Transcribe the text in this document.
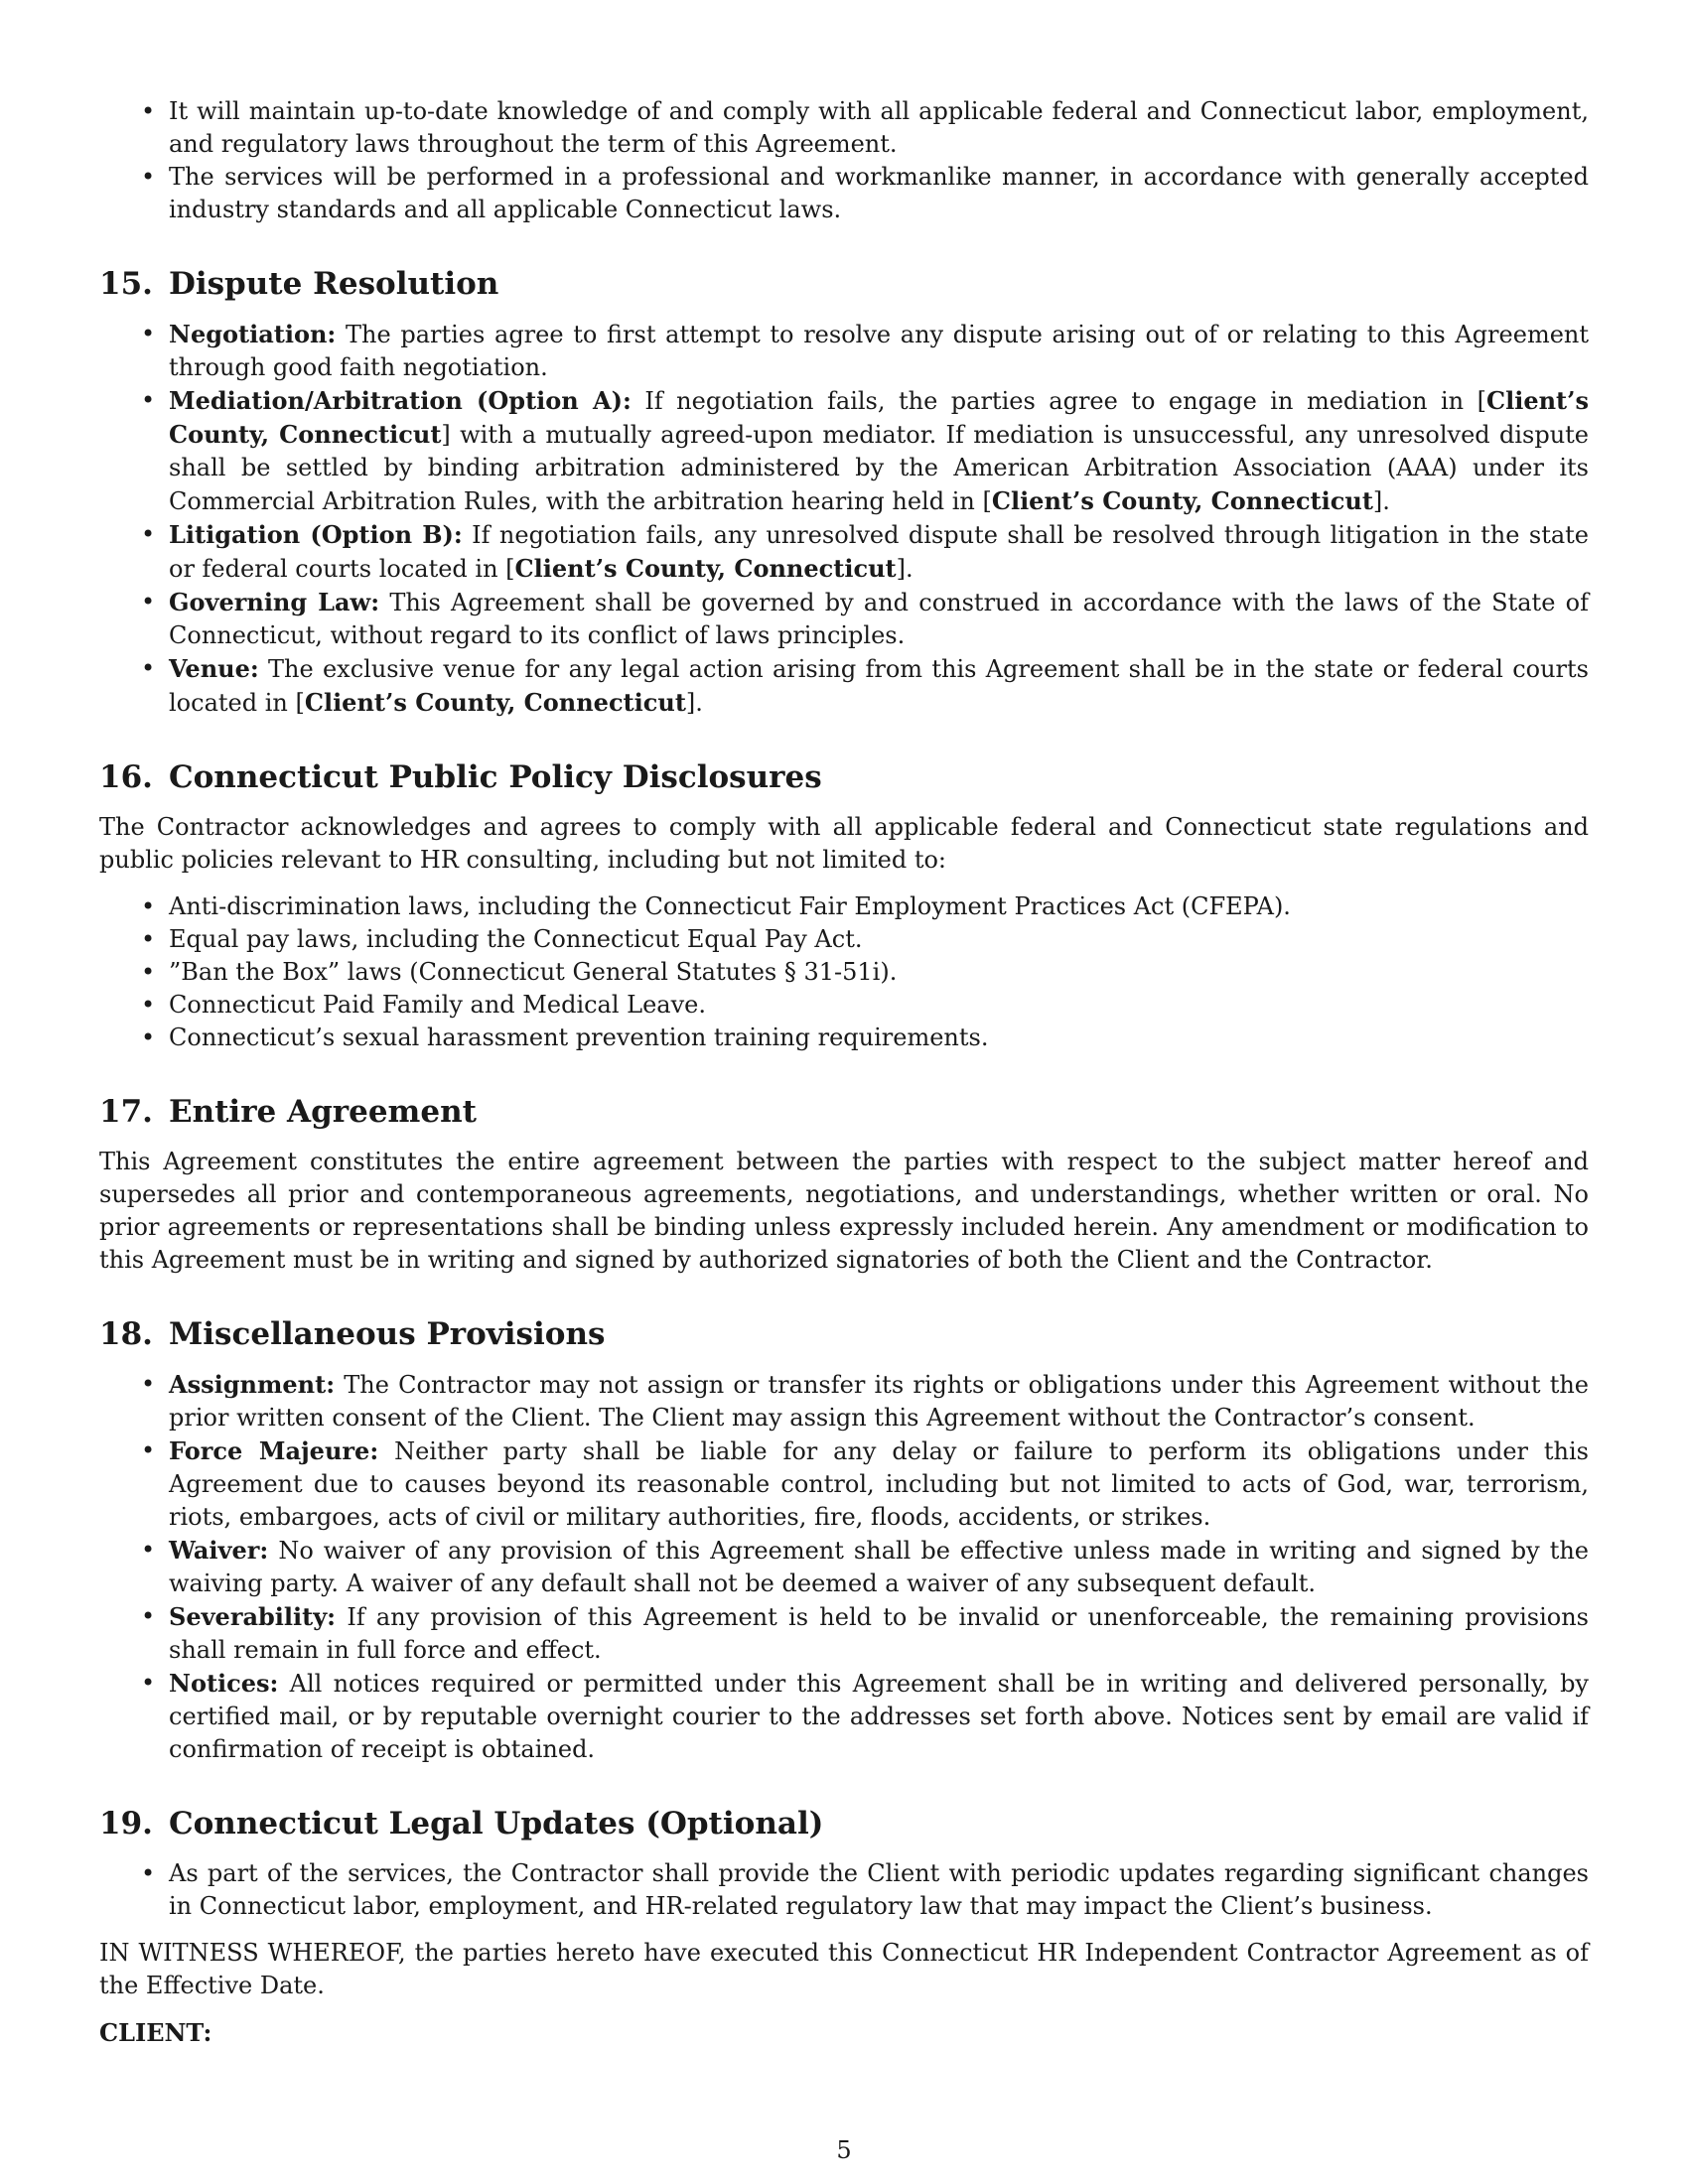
• It will maintain up-to-date knowledge of and comply with all applicable federal and Connecticut labor, employment, and regulatory laws throughout the term of this Agreement.
• The services will be performed in a professional and workmanlike manner, in accordance with generally accepted industry standards and all applicable Connecticut laws.
15. Dispute Resolution
• Negotiation: The parties agree to first attempt to resolve any dispute arising out of or relating to this Agreement through good faith negotiation.
• Mediation/Arbitration (Option A): If negotiation fails, the parties agree to engage in mediation in [Client’s County, Connecticut] with a mutually agreed-upon mediator. If mediation is unsuccessful, any unresolved dispute shall be settled by binding arbitration administered by the American Arbitration Association (AAA) under its Commercial Arbitration Rules, with the arbitration hearing held in [Client’s County, Connecticut].
• Litigation (Option B): If negotiation fails, any unresolved dispute shall be resolved through litigation in the state or federal courts located in [Client’s County, Connecticut].
• Governing Law: This Agreement shall be governed by and construed in accordance with the laws of the State of Connecticut, without regard to its conflict of laws principles.
• Venue: The exclusive venue for any legal action arising from this Agreement shall be in the state or federal courts located in [Client’s County, Connecticut].
16. Connecticut Public Policy Disclosures

The Contractor acknowledges and agrees to comply with all applicable federal and Connecticut state regulations and public policies relevant to HR consulting, including but not limited to:

• Anti-discrimination laws, including the Connecticut Fair Employment Practices Act (CFEPA).
• Equal pay laws, including the Connecticut Equal Pay Act.
• ”Ban the Box” laws (Connecticut General Statutes § 31-51i).
• Connecticut Paid Family and Medical Leave.
• Connecticut’s sexual harassment prevention training requirements.
17. Entire Agreement

This Agreement constitutes the entire agreement between the parties with respect to the subject matter hereof and supersedes all prior and contemporaneous agreements, negotiations, and understandings, whether written or oral. No prior agreements or representations shall be binding unless expressly included herein. Any amendment or modification to this Agreement must be in writing and signed by authorized signatories of both the Client and the Contractor.

18. Miscellaneous Provisions
• Assignment: The Contractor may not assign or transfer its rights or obligations under this Agreement without the prior written consent of the Client. The Client may assign this Agreement without the Contractor’s consent.
• Force Majeure: Neither party shall be liable for any delay or failure to perform its obligations under this Agreement due to causes beyond its reasonable control, including but not limited to acts of God, war, terrorism, riots, embargoes, acts of civil or military authorities, fire, floods, accidents, or strikes.
• Waiver: No waiver of any provision of this Agreement shall be effective unless made in writing and signed by the waiving party. A waiver of any default shall not be deemed a waiver of any subsequent default.
• Severability: If any provision of this Agreement is held to be invalid or unenforceable, the remaining provisions shall remain in full force and effect.
• Notices: All notices required or permitted under this Agreement shall be in writing and delivered personally, by certified mail, or by reputable overnight courier to the addresses set forth above. Notices sent by email are valid if confirmation of receipt is obtained.
19. Connecticut Legal Updates (Optional)
• As part of the services, the Contractor shall provide the Client with periodic updates regarding significant changes in Connecticut labor, employment, and HR-related regulatory law that may impact the Client’s business.

IN WITNESS WHEREOF, the parties hereto have executed this Connecticut HR Independent Contractor Agreement as of the Effective Date.

CLIENT:

5
